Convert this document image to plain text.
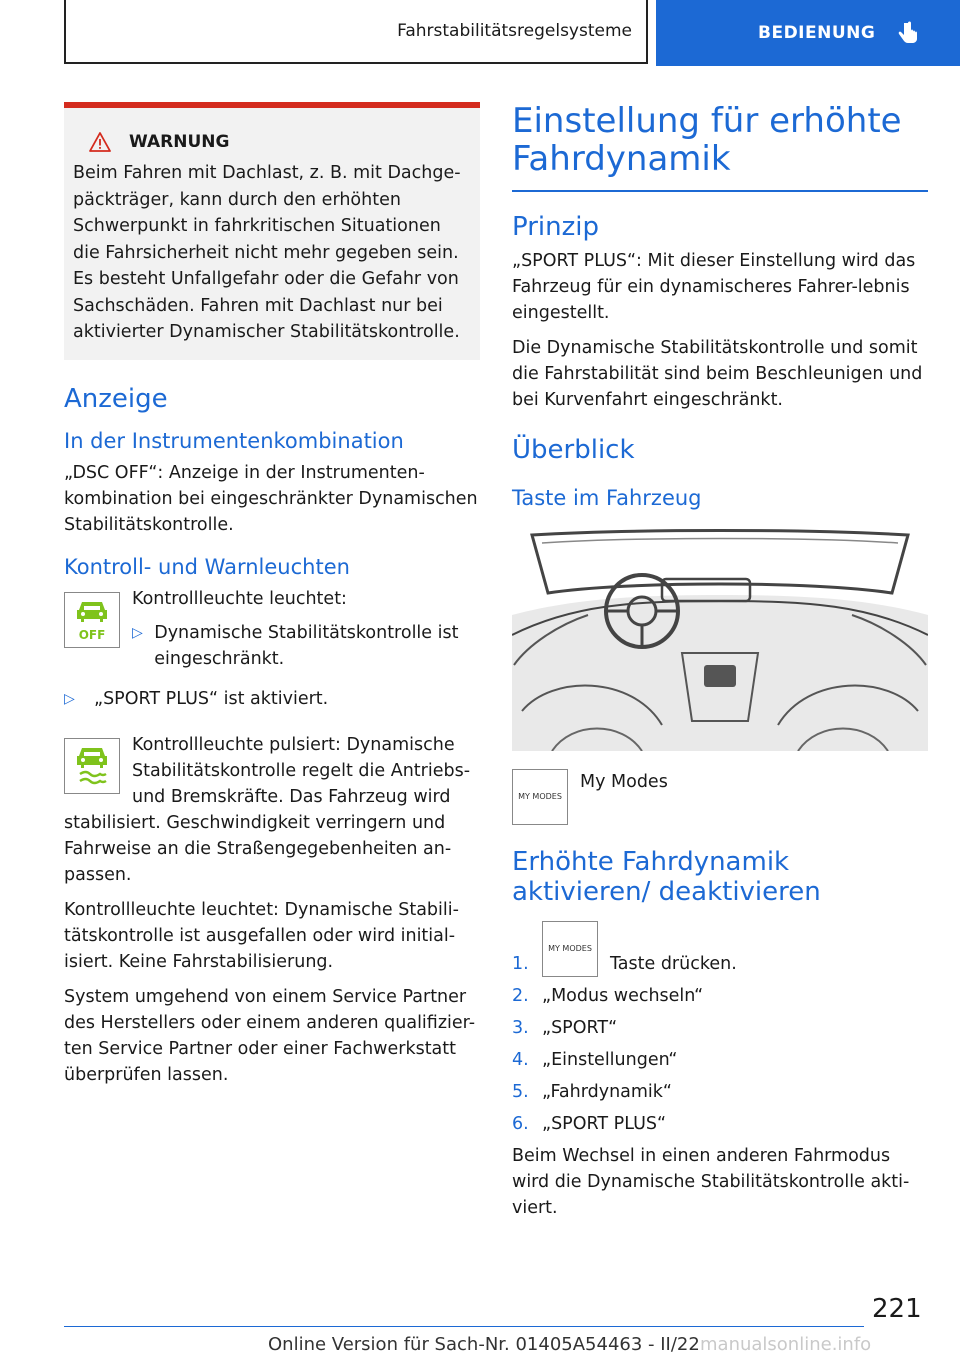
Fahrstabilitätsregelsysteme	BEDIENUNG
WARNUNG

Beim Fahren mit Dachlast, z. B. mit Dachge-päckträger, kann durch den erhöhten Schwerpunkt in fahrkritischen Situationen die Fahrsicherheit nicht mehr gegeben sein. Es besteht Unfallgefahr oder die Gefahr von Sachschäden. Fahren mit Dachlast nur bei aktivierter Dynamischer Stabilitätskontrolle.

Anzeige
In der Instrumentenkombination

„DSC OFF“: Anzeige in der Instrumenten-kombination bei eingeschränkter Dynamischen Stabilitätskontrolle.

Kontroll- und Warnleuchten
OFF

Kontrollleuchte leuchtet:

▷ Dynamische Stabilitätskontrolle ist eingeschränkt.
▷	„SPORT PLUS“ ist aktiviert.

Kontrollleuchte pulsiert: Dynamische Stabilitätskontrolle regelt die Antriebs- und Bremskräfte. Das Fahrzeug wird stabilisiert. Geschwindigkeit verringern und Fahrweise an die Straßengegebenheiten an-passen.

Kontrollleuchte leuchtet: Dynamische Stabili-tätskontrolle ist ausgefallen oder wird initial-isiert. Keine Fahrstabilisierung.

System umgehend von einem Service Partner des Herstellers oder einem anderen qualifizier-ten Service Partner oder einer Fachwerkstatt überprüfen lassen.

Einstellung für erhöhte Fahrdynamik
Prinzip

„SPORT PLUS“: Mit dieser Einstellung wird das Fahrzeug für ein dynamischeres Fahrer-lebnis eingestellt.

Die Dynamische Stabilitätskontrolle und somit die Fahrstabilität sind beim Beschleunigen und bei Kurvenfahrt eingeschränkt.

Überblick
Taste im Fahrzeug
MY MODES

My Modes

Erhöhte Fahrdynamik aktivieren/ deaktivieren
1.
MY MODES
Taste drücken.
2. „Modus wechseln“
3. „SPORT“
4. „Einstellungen“
5. „Fahrdynamik“
6. „SPORT PLUS“

Beim Wechsel in einen anderen Fahrmodus wird die Dynamische Stabilitätskontrolle akti-viert.

221
Online Version für Sach-Nr. 01405A54463 - II/22 manualsonline.info
